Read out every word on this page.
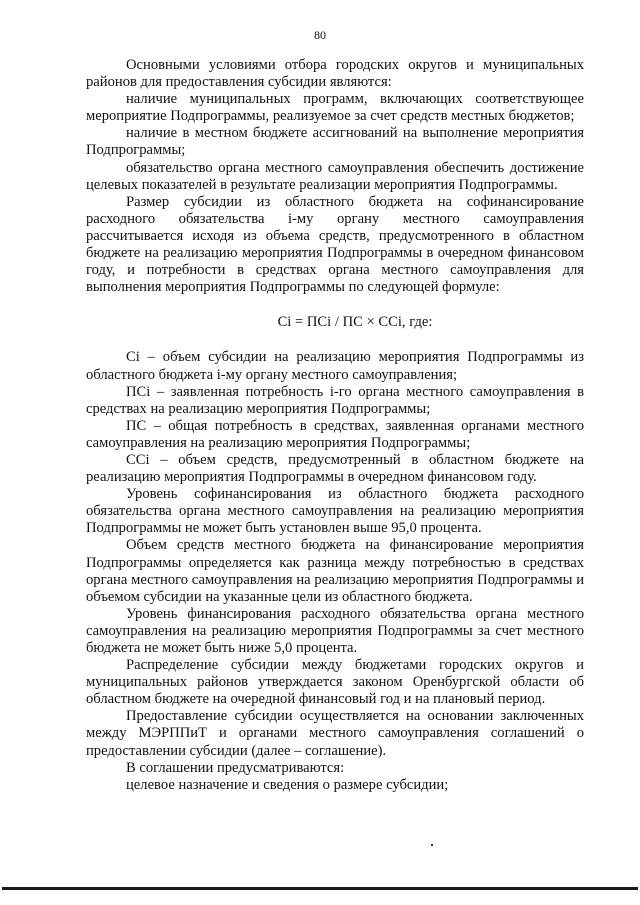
80

Основными условиями отбора городских округов и муниципальных районов для предоставления субсидии являются:

наличие муниципальных программ, включающих соответствующее мероприятие Подпрограммы, реализуемое за счет средств местных бюджетов;

наличие в местном бюджете ассигнований на выполнение мероприятия Подпрограммы;

обязательство органа местного самоуправления обеспечить достижение целевых показателей в результате реализации мероприятия Подпрограммы.

Размер субсидии из областного бюджета на софинансирование расходного обязательства i-му органу местного самоуправления рассчитывается исходя из объема средств, предусмотренного в областном бюджете на реализацию мероприятия Подпрограммы в очередном финансовом году, и потребности в средствах органа местного самоуправления для выполнения мероприятия Подпрограммы по следующей формуле:

Ci = ПCi / ПС × CCi, где:

Ci – объем субсидии на реализацию мероприятия Подпрограммы из областного бюджета i-му органу местного самоуправления;

ПCi – заявленная потребность i-го органа местного самоуправления в средствах на реализацию мероприятия Подпрограммы;

ПС – общая потребность в средствах, заявленная органами местного самоуправления на реализацию мероприятия Подпрограммы;

CCi – объем средств, предусмотренный в областном бюджете на реализацию мероприятия Подпрограммы в очередном финансовом году.

Уровень софинансирования из областного бюджета расходного обязательства органа местного самоуправления на реализацию мероприятия Подпрограммы не может быть установлен выше 95,0 процента.

Объем средств местного бюджета на финансирование мероприятия Подпрограммы определяется как разница между потребностью в средствах органа местного самоуправления на реализацию мероприятия Подпрограммы и объемом субсидии на указанные цели из областного бюджета.

Уровень финансирования расходного обязательства органа местного самоуправления на реализацию мероприятия Подпрограммы за счет местного бюджета не может быть ниже 5,0 процента.

Распределение субсидии между бюджетами городских округов и муниципальных районов утверждается законом Оренбургской области об областном бюджете на очередной финансовый год и на плановый период.

Предоставление субсидии осуществляется на основании заключенных между МЭРППиТ и органами местного самоуправления соглашений о предоставлении субсидии (далее – соглашение).

В соглашении предусматриваются:

целевое назначение и сведения о размере субсидии;
